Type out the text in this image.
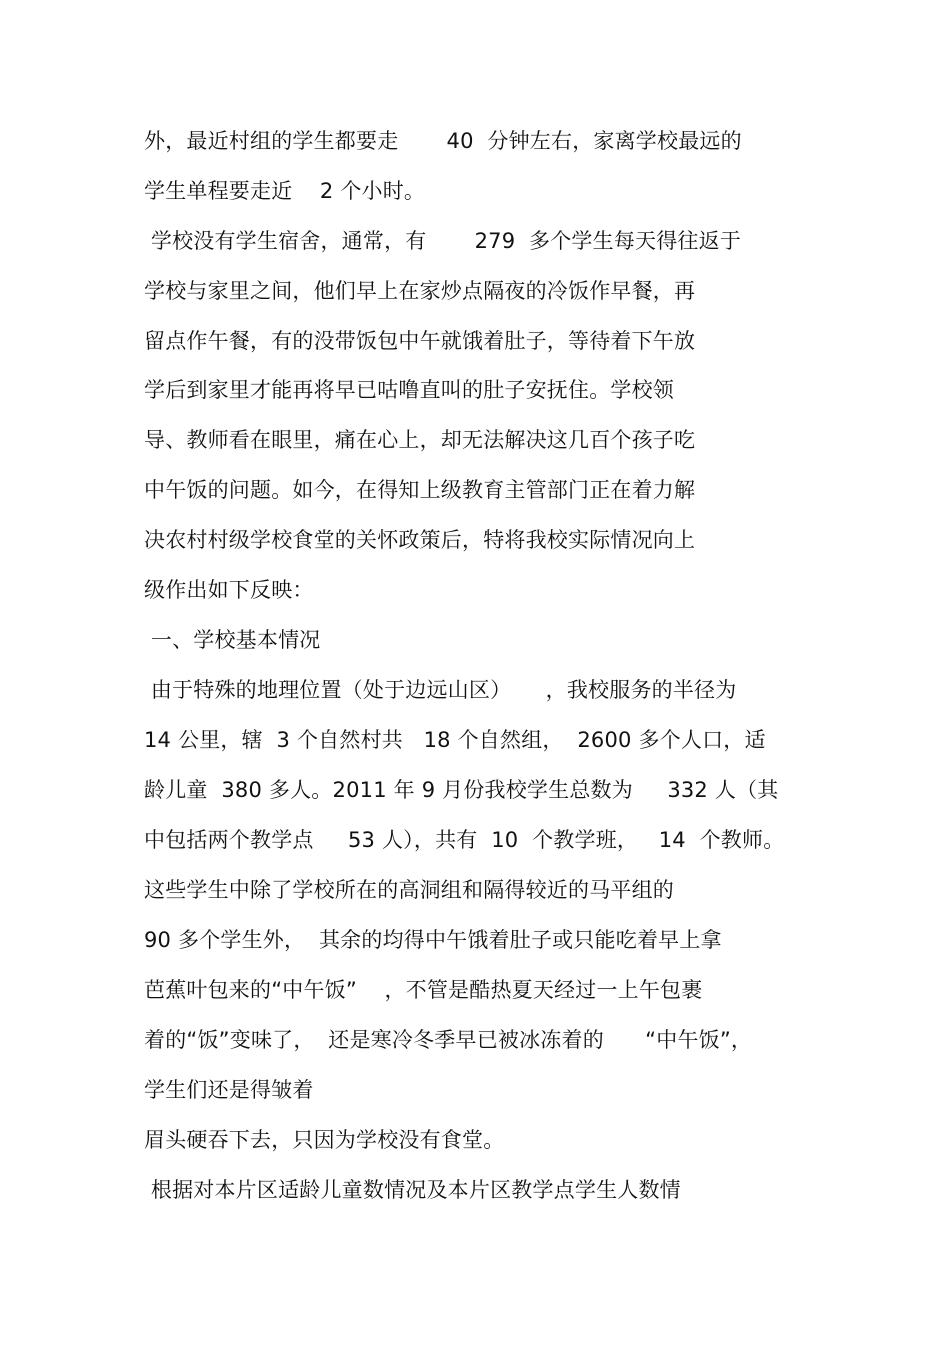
外，最近村组的学生都要走       40  分钟左右，家离学校最远的
学生单程要走近    2 个小时。
学校没有学生宿舍，通常，有       279  多个学生每天得往返于
学校与家里之间，他们早上在家炒点隔夜的冷饭作早餐，再
留点作午餐，有的没带饭包中午就饿着肚子，等待着下午放
学后到家里才能再将早已咕噜直叫的肚子安抚住。学校领
导、教师看在眼里，痛在心上，却无法解决这几百个孩子吃
中午饭的问题。如今，在得知上级教育主管部门正在着力解
决农村村级学校食堂的关怀政策后，特将我校实际情况向上
级作出如下反映：
一、学校基本情况
由于特殊的地理位置（处于边远山区）     ，我校服务的半径为
14 公里，辖  3 个自然村共   18 个自然组，  2600 多个人口，适
龄儿童  380 多人。2011 年 9 月份我校学生总数为     332 人（其
中包括两个教学点     53 人），共有  10  个教学班，   14  个教师。
这些学生中除了学校所在的高洞组和隔得较近的马平组的
90 多个学生外，  其余的均得中午饿着肚子或只能吃着早上拿
芭蕉叶包来的“中午饭”    ，不管是酷热夏天经过一上午包裹
着的“饭”变味了，  还是寒冷冬季早已被冰冻着的      “中午饭”，
学生们还是得皱着
眉头硬吞下去，只因为学校没有食堂。
根据对本片区适龄儿童数情况及本片区教学点学生人数情
